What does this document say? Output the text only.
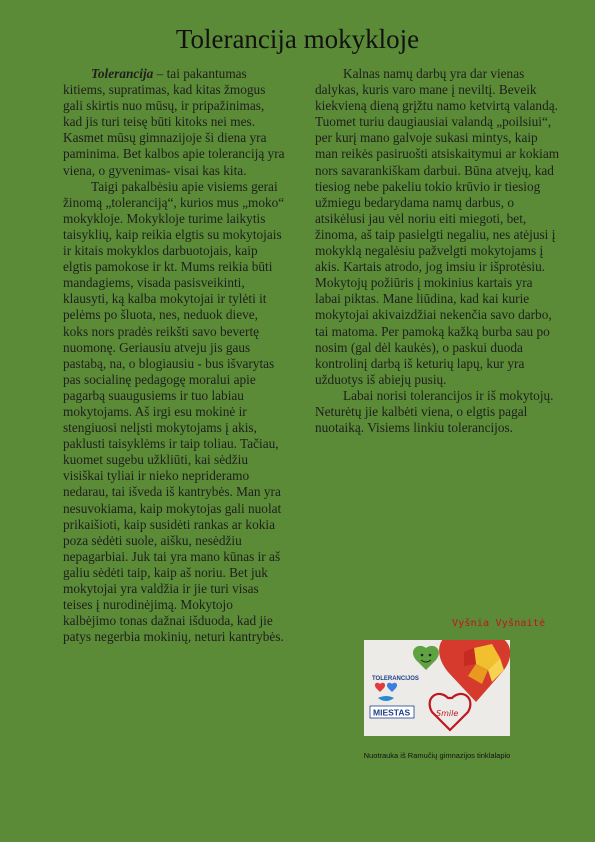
Tolerancija mokykloje

Tolerancija – tai pakantumas kitiems, supratimas, kad kitas žmogus gali skirtis nuo mūsų, ir pripažinimas, kad jis turi teisę būti kitoks nei mes. Kasmet mūsų gimnazijoje ši diena yra paminima. Bet kalbos apie toleranciją yra viena, o gyvenimas- visai kas kita.

Taigi pakalbėsiu apie visiems gerai žinomą „toleranciją“, kurios mus „moko“ mokykloje. Mokykloje turime laikytis taisyklių, kaip reikia elgtis su mokytojais ir kitais mokyklos darbuotojais, kaip elgtis pamokose ir kt. Mums reikia būti mandagiems, visada pasisveikinti, klausyti, ką kalba mokytojai ir tylėti it pelėms po šluota, nes, neduok dieve, koks nors pradės reikšti savo bevertę nuomonę. Geriausiu atveju jis gaus pastabą, na, o blogiausiu - bus išvarytas pas socialinę pedagogę moralui apie pagarbą suaugusiems ir tuo labiau mokytojams. Aš irgi esu mokinė ir stengiuosi nelįsti mokytojams į akis, paklusti taisyklėms ir taip toliau. Tačiau, kuomet sugebu užkliūti, kai sėdžiu visiškai tyliai ir nieko neprideramo nedarau, tai išveda iš kantrybės. Man yra nesuvokiama, kaip mokytojas gali nuolat prikaišioti, kaip susidėti rankas ar kokia poza sėdėti suole, aišku, nesėdžiu nepagarbiai. Juk tai yra mano kūnas ir aš galiu sėdėti taip, kaip aš noriu. Bet juk mokytojai yra valdžia ir jie turi visas teises į nurodinėjimą. Mokytojo kalbėjimo tonas dažnai išduoda, kad jie patys negerbia mokinių, neturi kantrybės.

Kalnas namų darbų yra dar vienas dalykas, kuris varo mane į neviltį. Beveik kiekvieną dieną grįžtu namo ketvirtą valandą. Tuomet turiu daugiausiai valandą „poilsiui“, per kurį mano galvoje sukasi mintys, kaip man reikės pasiruošti atsiskaitymui ar kokiam nors savarankiškam darbui. Būna atvejų, kad tiesiog nebe pakeliu tokio krūvio ir tiesiog užmiegu bedarydama namų darbus, o atsikėlusi jau vėl noriu eiti miegoti, bet, žinoma, aš taip pasielgti negaliu, nes atėjusi į mokyklą negalėsiu pažvelgti mokytojams į akis. Kartais atrodo, jog imsiu ir išprotėsiu. Mokytojų požiūris į mokinius kartais yra labai piktas. Mane liūdina, kad kai kurie mokytojai akivaizdžiai nekenčia savo darbo, tai matoma. Per pamoką kažką burba sau po nosim (gal dėl kaukės), o paskui duoda kontrolinį darbą iš keturių lapų, kur yra užduotys iš abiejų pusių.

Labai norisi tolerancijos ir iš mokytojų. Neturėtų jie kalbėti viena, o elgtis pagal nuotaiką. Visiems linkiu tolerancijos.

Vyšnia Vyšnaitė
TOLERANCIJOS
MIESTAS	Smile
Nuotrauka iš Ramučių gimnazijos tinklalapio
